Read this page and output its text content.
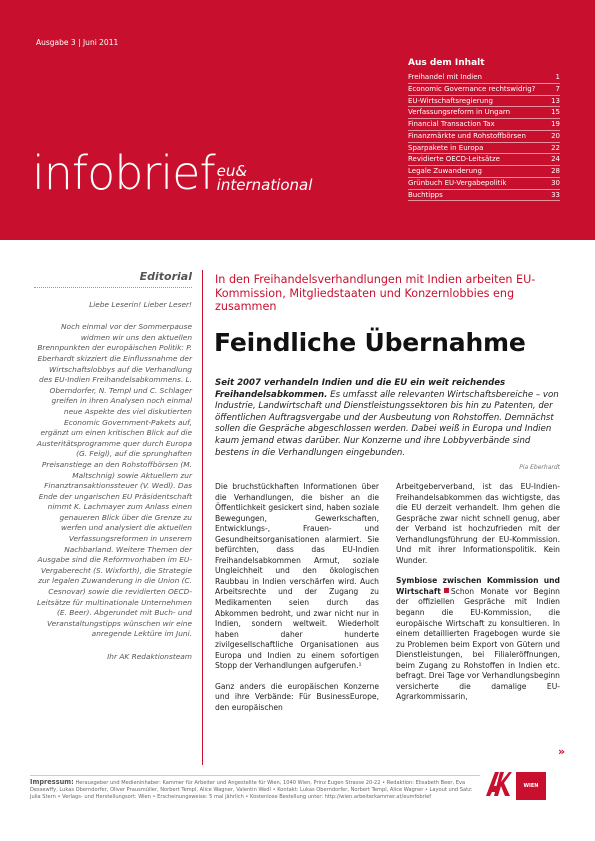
Ausgabe 3 | Juni 2011
infobrief eu&
international
Aus dem Inhalt
Freihandel mit Indien	1
Economic Governance rechtswidrig?	7
EU-Wirtschaftsregierung	13
Verfassungsreform in Ungarn	15
Financial Transaction Tax	19
Finanzmärkte und Rohstoffbörsen	20
Sparpakete in Europa	22
Revidierte OECD-Leitsätze	24
Legale Zuwanderung	28
Grünbuch EU-Vergabepolitik	30
Buchtipps	33
Editorial
Liebe Leserin! Lieber Leser!
Noch einmal vor der Sommerpause widmen wir uns den aktuellen Brennpunkten der europäischen Politik: P. Eberhardt skizziert die Einflussnahme der Wirtschaftslobbys auf die Verhandlung des EU-Indien Freihandelsabkommens. L. Oberndorfer, N. Templ und C. Schlager greifen in ihren Analysen noch einmal neue Aspekte des viel diskutierten Economic Government-Pakets auf, ergänzt um einen kritischen Blick auf die Austeritätsprogramme quer durch Europa (G. Feigl), auf die sprunghaften Preisanstiege an den Rohstoffbörsen (M. Maltschnig) sowie Aktuellem zur Finanztransaktionssteuer (V. Wedl). Das Ende der ungarischen EU Präsidentschaft nimmt K. Lachmayer zum Anlass einen genaueren Blick über die Grenze zu werfen und analysiert die aktuellen Verfassungsreformen in unserem Nachbarland. Weitere Themen der Ausgabe sind die Reformvorhaben im EU-Vergaberecht (S. Wixforth), die Strategie zur legalen Zuwanderung in die Union (C. Cesnovar) sowie die revidierten OECD-Leitsätze für multinationale Unternehmen (E. Beer). Abgerundet mit Buch- und Veranstaltungstipps wünschen wir eine anregende Lektüre im Juni.
Ihr AK Redaktionsteam
In den Freihandelsverhandlungen mit Indien arbeiten EU-Kommission, Mitgliedstaaten und Konzernlobbies eng zusammen
Feindliche Übernahme
Seit 2007 verhandeln Indien und die EU ein weit reichendes Freihandelsabkommen. Es umfasst alle relevanten Wirtschaftsbereiche – von Industrie, Landwirtschaft und Dienstleistungssektoren bis hin zu Patenten, der öffentlichen Auftragsvergabe und der Ausbeutung von Rohstoffen. Demnächst sollen die Gespräche abgeschlossen werden. Dabei weiß in Europa und Indien kaum jemand etwas darüber. Nur Konzerne und ihre Lobbyverbände sind bestens in die Verhandlungen eingebunden.
Pia Eberhardt

Die bruchstückhaften Informationen über die Verhandlungen, die bisher an die Öffentlichkeit gesickert sind, haben soziale Bewegungen, Gewerkschaften, Entwicklungs-, Frauen- und Gesundheitsorganisationen alarmiert. Sie befürchten, dass das EU-Indien Freihandelsabkommen Armut, soziale Ungleichheit und den ökologischen Raubbau in Indien verschärfen wird. Auch Arbeitsrechte und der Zugang zu Medikamenten seien durch das Abkommen bedroht, und zwar nicht nur in Indien, sondern weltweit. Wiederholt haben daher hunderte zivilgesellschaftliche Organisationen aus Europa und Indien zu einem sofortigen Stopp der Verhandlungen aufgerufen.¹

Ganz anders die europäischen Konzerne und ihre Verbände: Für BusinessEurope, den europäischen

Arbeitgeberverband, ist das EU-Indien-Freihandelsabkommen das wichtigste, das die EU derzeit verhandelt. Ihm gehen die Gespräche zwar nicht schnell genug, aber der Verband ist hochzufrieden mit der Verhandlungsführung der EU-Kommission. Und mit ihrer Informationspolitik. Kein Wunder.

Symbiose zwischen Kommission und Wirtschaft Schon Monate vor Beginn der offiziellen Gespräche mit Indien begann die EU-Kommission, die europäische Wirtschaft zu konsultieren. In einem detaillierten Fragebogen wurde sie zu Problemen beim Export von Gütern und Dienstleistungen, bei Filialeröffnungen, beim Zugang zu Rohstoffen in Indien etc. befragt. Drei Tage vor Verhandlungsbeginn versicherte die damalige EU-Agrarkommissarin,

»
Impressum: Herausgeber und Medieninhaber: Kammer für Arbeiter und Angestellte für Wien, 1040 Wien, Prinz Eugen Strasse 20-22 • Redaktion: Elisabeth Beer, Eva Dessewffy, Lukas Oberndorfer, Oliver Prausmüller, Norbert Templ, Alice Wagner, Valentin Wedl • Kontakt: Lukas Oberndorfer, Norbert Templ, Alice Wagner • Layout und Satz: Julia Stern • Verlags- und Herstellungsort: Wien • Erscheinungsweise: 5 mal jährlich • Kostenlose Bestellung unter: http://wien.arbeiterkammer.at/eumfobrief
WIEN
